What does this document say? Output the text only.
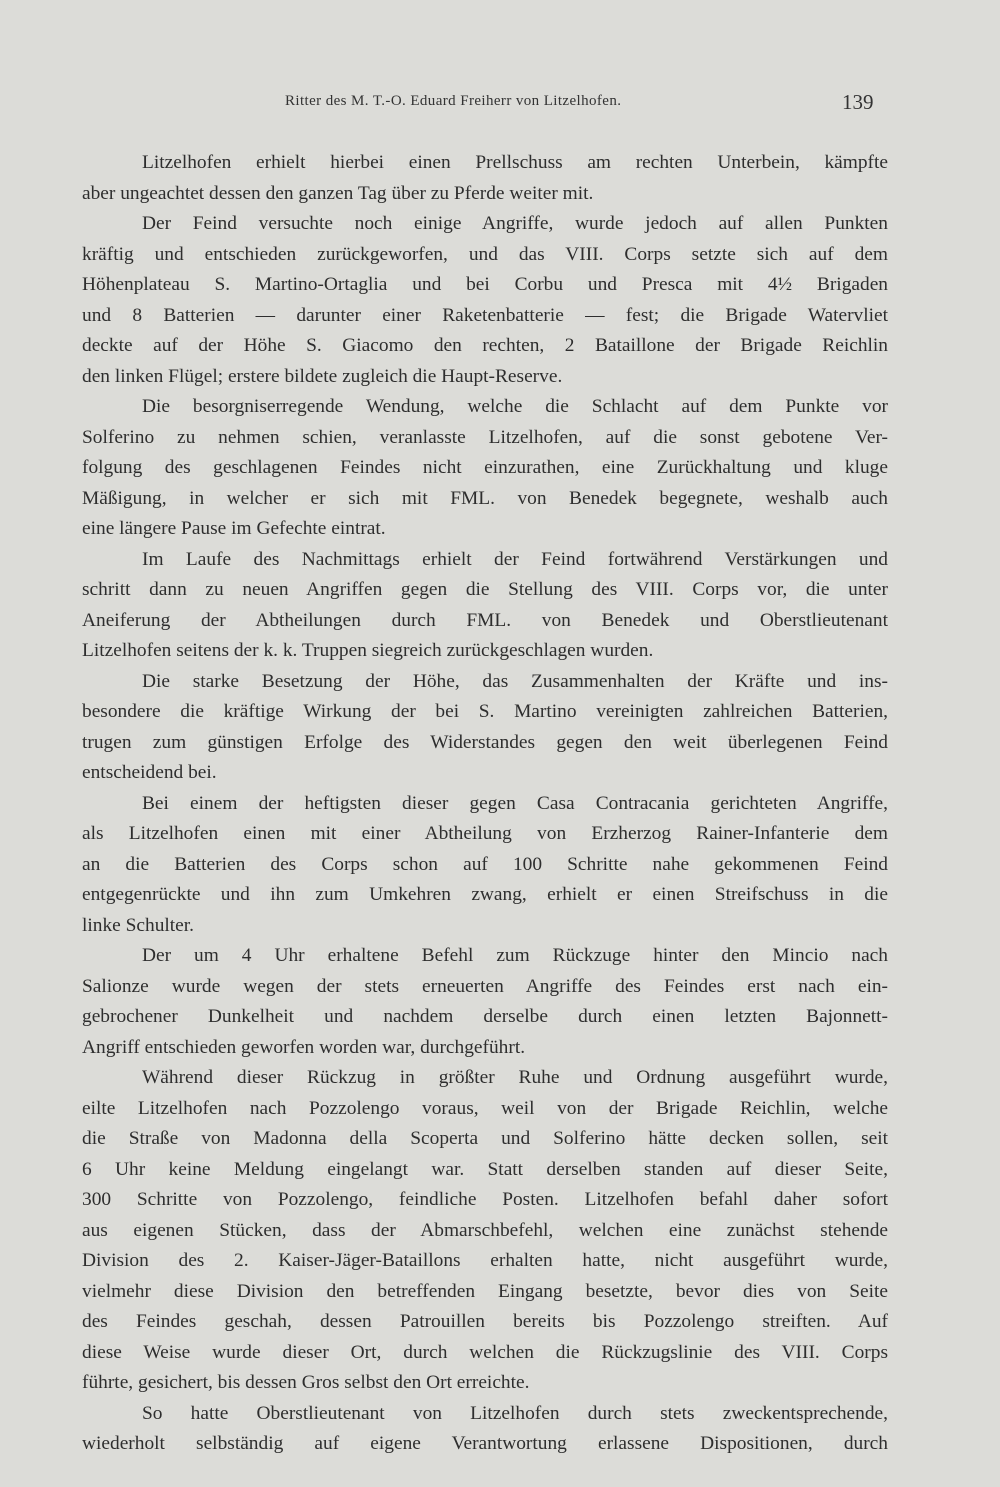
Ritter des M. T.-O. Eduard Freiherr von Litzelhofen.	139
Litzelhofen erhielt hierbei einen Prellschuss am rechten Unterbein, kämpfte
aber ungeachtet dessen den ganzen Tag über zu Pferde weiter mit.
Der Feind versuchte noch einige Angriffe, wurde jedoch auf allen Punkten
kräftig und entschieden zurückgeworfen, und das VIII. Corps setzte sich auf dem
Höhenplateau S. Martino-Ortaglia und bei Corbu und Presca mit 4½ Brigaden
und 8 Batterien — darunter einer Raketenbatterie — fest; die Brigade Watervliet
deckte auf der Höhe S. Giacomo den rechten, 2 Bataillone der Brigade Reichlin
den linken Flügel; erstere bildete zugleich die Haupt-Reserve.
Die besorgniserregende Wendung, welche die Schlacht auf dem Punkte vor
Solferino zu nehmen schien, veranlasste Litzelhofen, auf die sonst gebotene Ver-
folgung des geschlagenen Feindes nicht einzurathen, eine Zurückhaltung und kluge
Mäßigung, in welcher er sich mit FML. von Benedek begegnete, weshalb auch
eine längere Pause im Gefechte eintrat.
Im Laufe des Nachmittags erhielt der Feind fortwährend Verstärkungen und
schritt dann zu neuen Angriffen gegen die Stellung des VIII. Corps vor, die unter
Aneiferung der Abtheilungen durch FML. von Benedek und Oberstlieutenant
Litzelhofen seitens der k. k. Truppen siegreich zurückgeschlagen wurden.
Die starke Besetzung der Höhe, das Zusammenhalten der Kräfte und ins-
besondere die kräftige Wirkung der bei S. Martino vereinigten zahlreichen Batterien,
trugen zum günstigen Erfolge des Widerstandes gegen den weit überlegenen Feind
entscheidend bei.
Bei einem der heftigsten dieser gegen Casa Contracania gerichteten Angriffe,
als Litzelhofen einen mit einer Abtheilung von Erzherzog Rainer-Infanterie dem
an die Batterien des Corps schon auf 100 Schritte nahe gekommenen Feind
entgegenrückte und ihn zum Umkehren zwang, erhielt er einen Streifschuss in die
linke Schulter.
Der um 4 Uhr erhaltene Befehl zum Rückzuge hinter den Mincio nach
Salionze wurde wegen der stets erneuerten Angriffe des Feindes erst nach ein-
gebrochener Dunkelheit und nachdem derselbe durch einen letzten Bajonnett-
Angriff entschieden geworfen worden war, durchgeführt.
Während dieser Rückzug in größter Ruhe und Ordnung ausgeführt wurde,
eilte Litzelhofen nach Pozzolengo voraus, weil von der Brigade Reichlin, welche
die Straße von Madonna della Scoperta und Solferino hätte decken sollen, seit
6 Uhr keine Meldung eingelangt war. Statt derselben standen auf dieser Seite,
300 Schritte von Pozzolengo, feindliche Posten. Litzelhofen befahl daher sofort
aus eigenen Stücken, dass der Abmarschbefehl, welchen eine zunächst stehende
Division des 2. Kaiser-Jäger-Bataillons erhalten hatte, nicht ausgeführt wurde,
vielmehr diese Division den betreffenden Eingang besetzte, bevor dies von Seite
des Feindes geschah, dessen Patrouillen bereits bis Pozzolengo streiften. Auf
diese Weise wurde dieser Ort, durch welchen die Rückzugslinie des VIII. Corps
führte, gesichert, bis dessen Gros selbst den Ort erreichte.
So hatte Oberstlieutenant von Litzelhofen durch stets zweckentsprechende,
wiederholt selbständig auf eigene Verantwortung erlassene Dispositionen, durch
